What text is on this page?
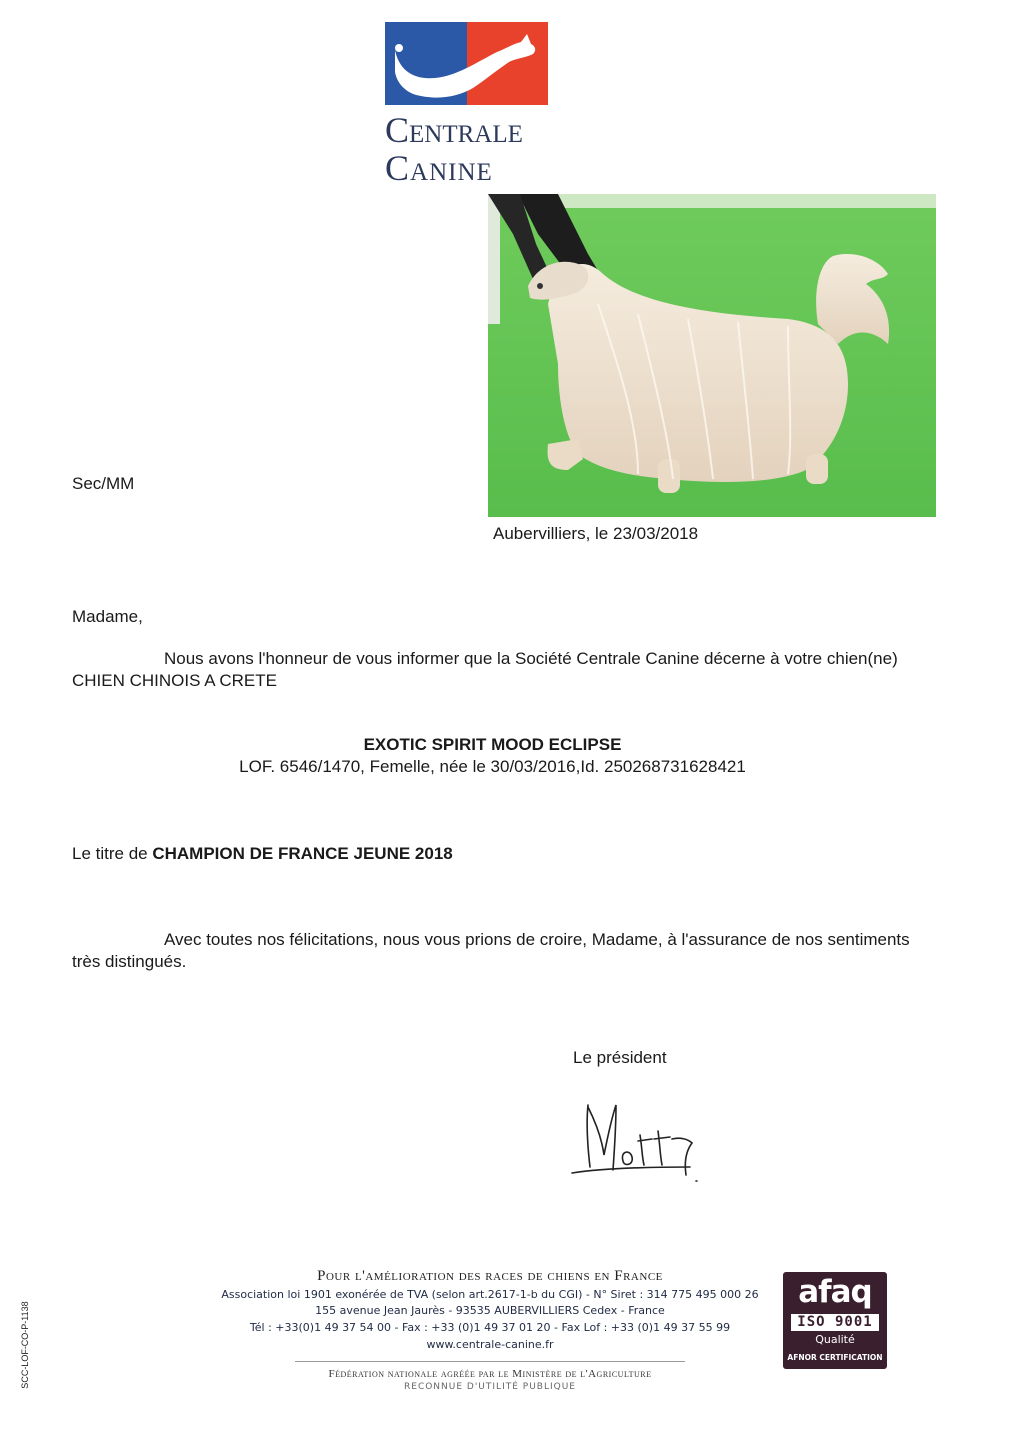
Centrale
Canine
Sec/MM
Aubervilliers, le 23/03/2018
Madame,
Nous avons l'honneur de vous informer que la Société Centrale Canine décerne à votre chien(ne) CHIEN CHINOIS A CRETE
EXOTIC SPIRIT MOOD ECLIPSE
LOF. 6546/1470, Femelle, née le 30/03/2016,Id. 250268731628421
Le titre de CHAMPION DE FRANCE JEUNE 2018
Avec toutes nos félicitations, nous vous prions de croire, Madame, à l'assurance de nos sentiments très distingués.
Le président
Pour l'amélioration des races de chiens en France
Association loi 1901 exonérée de TVA (selon art.2617-1-b du CGI) - N° Siret : 314 775 495 000 26
155 avenue Jean Jaurès - 93535 AUBERVILLIERS Cedex - France
Tél : +33(0)1 49 37 54 00 - Fax : +33 (0)1 49 37 01 20 - Fax Lof : +33 (0)1 49 37 55 99
www.centrale-canine.fr
Fédération nationale agréée par le Ministère de l'Agriculture
RECONNUE D'UTILITÉ PUBLIQUE
afaq
ISO 9001
Qualité
AFNOR CERTIFICATION
SCC-LOF-CO-P-1138
